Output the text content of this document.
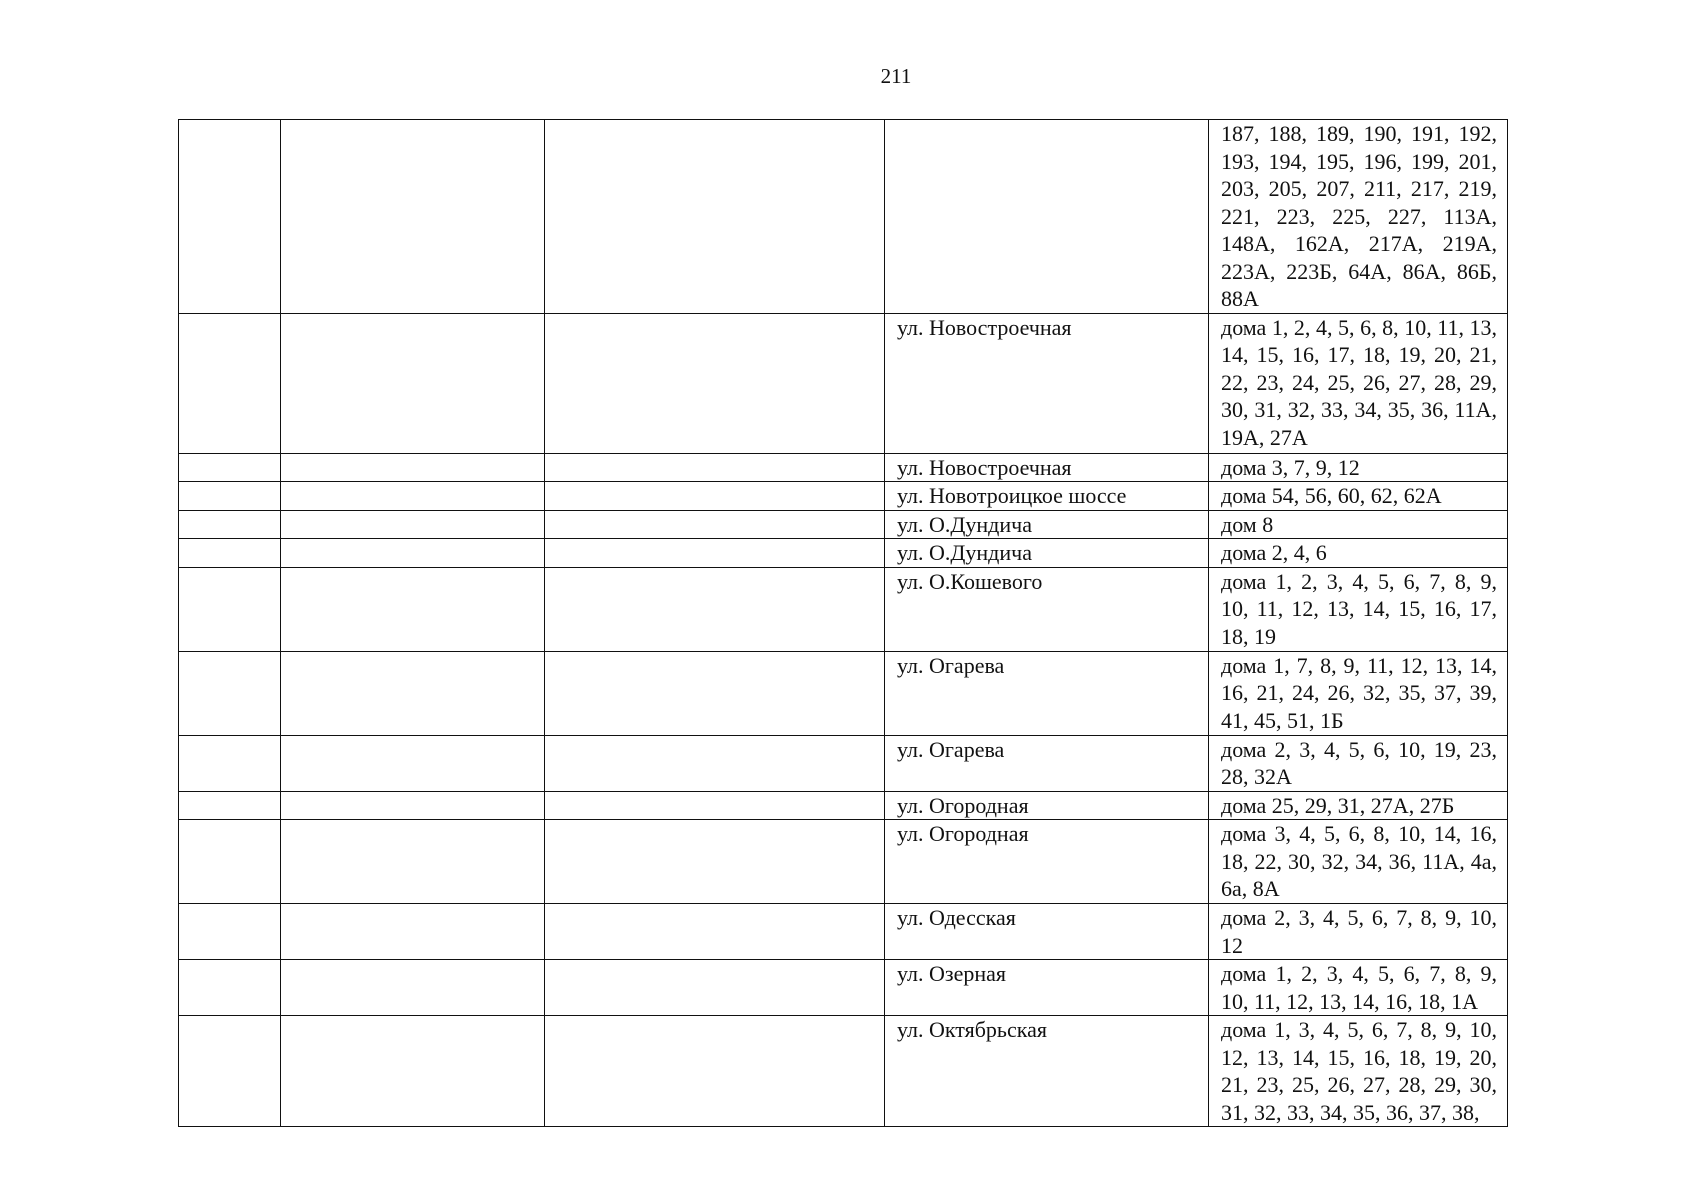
211
				187, 188, 189, 190, 191, 192, 193, 194, 195, 196, 199, 201, 203, 205, 207, 211, 217, 219, 221, 223, 225, 227, 113А, 148А, 162А, 217А, 219А, 223А, 223Б, 64А, 86А, 86Б, 88А
			ул. Новостроечная	дома 1, 2, 4, 5, 6, 8, 10, 11, 13, 14, 15, 16, 17, 18, 19, 20, 21, 22, 23, 24, 25, 26, 27, 28, 29, 30, 31, 32, 33, 34, 35, 36, 11А, 19А, 27А
			ул. Новостроечная	дома 3, 7, 9, 12
			ул. Новотроицкое шоссе	дома 54, 56, 60, 62, 62А
			ул. О.Дундича	дом 8
			ул. О.Дундича	дома 2, 4, 6
			ул. О.Кошевого	дома 1, 2, 3, 4, 5, 6, 7, 8, 9, 10, 11, 12, 13, 14, 15, 16, 17, 18, 19
			ул. Огарева	дома 1, 7, 8, 9, 11, 12, 13, 14, 16, 21, 24, 26, 32, 35, 37, 39, 41, 45, 51, 1Б
			ул. Огарева	дома 2, 3, 4, 5, 6, 10, 19, 23, 28, 32А
			ул. Огородная	дома 25, 29, 31, 27А, 27Б
			ул. Огородная	дома 3, 4, 5, 6, 8, 10, 14, 16, 18, 22, 30, 32, 34, 36, 11А, 4а, 6а, 8А
			ул. Одесская	дома 2, 3, 4, 5, 6, 7, 8, 9, 10, 12
			ул. Озерная	дома 1, 2, 3, 4, 5, 6, 7, 8, 9, 10, 11, 12, 13, 14, 16, 18, 1А
			ул. Октябрьская	дома 1, 3, 4, 5, 6, 7, 8, 9, 10, 12, 13, 14, 15, 16, 18, 19, 20, 21, 23, 25, 26, 27, 28, 29, 30, 31, 32, 33, 34, 35, 36, 37, 38,
